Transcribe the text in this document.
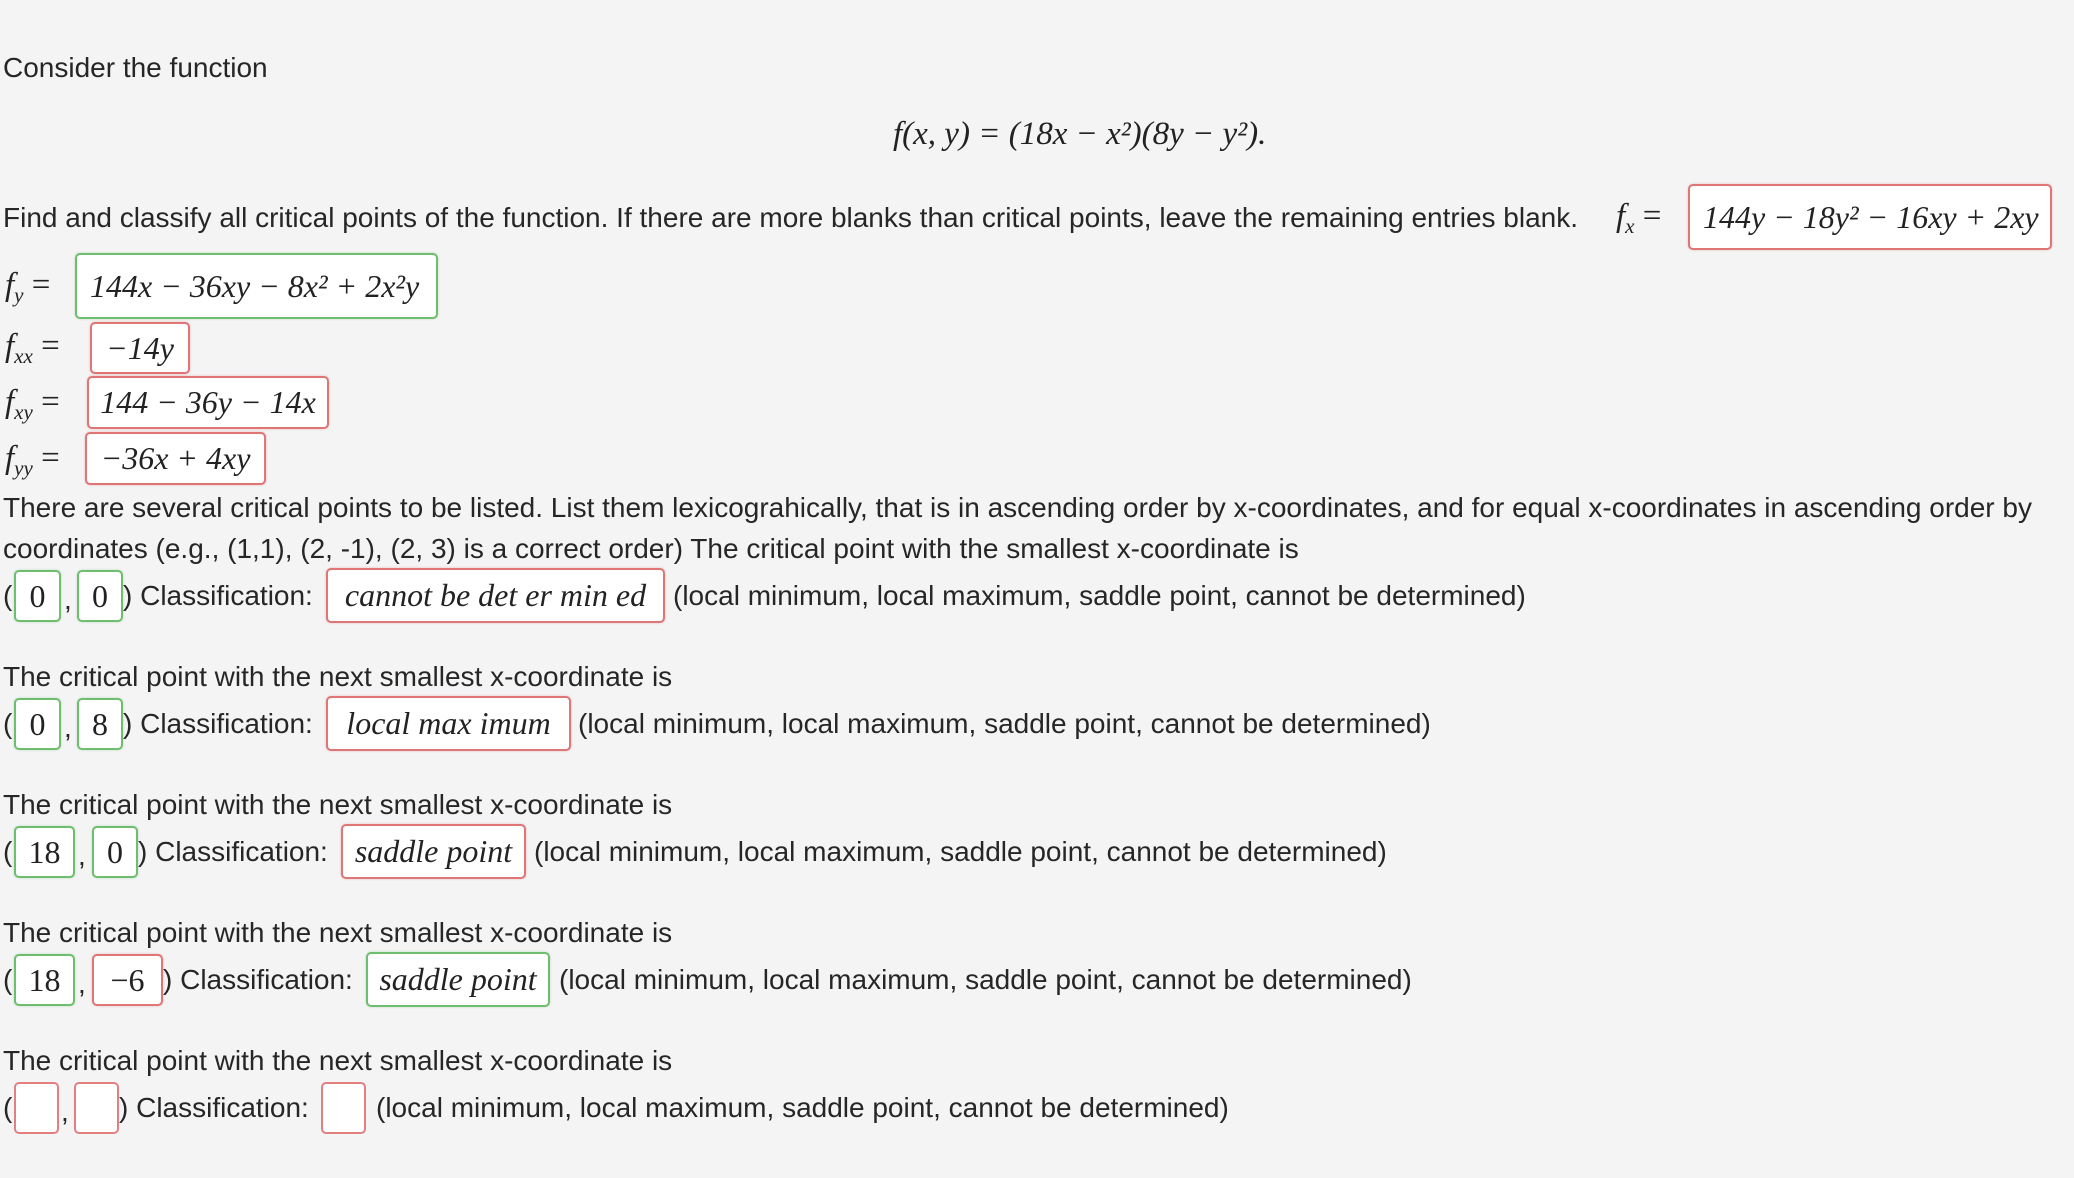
Consider the function
f(x, y) = (18x − x²)(8y − y²).
Find and classify all critical points of the function. If there are more blanks than critical points, leave the remaining entries blank. $f_x$ =	144y − 18y² − 16xy + 2xy
$f_y$ =	144x − 36xy − 8x² + 2x²y
$f_{xx}$ =	−14y
$f_{xy}$ =	144 − 36y − 14x
$f_{yy}$ =	−36x + 4xy
There are several critical points to be listed. List them lexicograhically, that is in ascending order by x-coordinates, and for equal x-coordinates in ascending order by
coordinates (e.g., (1,1), (2, -1), (2, 3) is a correct order) The critical point with the smallest x-coordinate is
( 0 , 0 ) Classification:	cannot be det er min ed (local minimum, local maximum, saddle point, cannot be determined)
The critical point with the next smallest x-coordinate is
( 0 , 8 ) Classification:	local max imum (local minimum, local maximum, saddle point, cannot be determined)
The critical point with the next smallest x-coordinate is
( 18 , 0 ) Classification: saddle point (local minimum, local maximum, saddle point, cannot be determined)
The critical point with the next smallest x-coordinate is
( 18 , −6 ) Classification: saddle point (local minimum, local maximum, saddle point, cannot be determined)
The critical point with the next smallest x-coordinate is
( , ) Classification: (local minimum, local maximum, saddle point, cannot be determined)
